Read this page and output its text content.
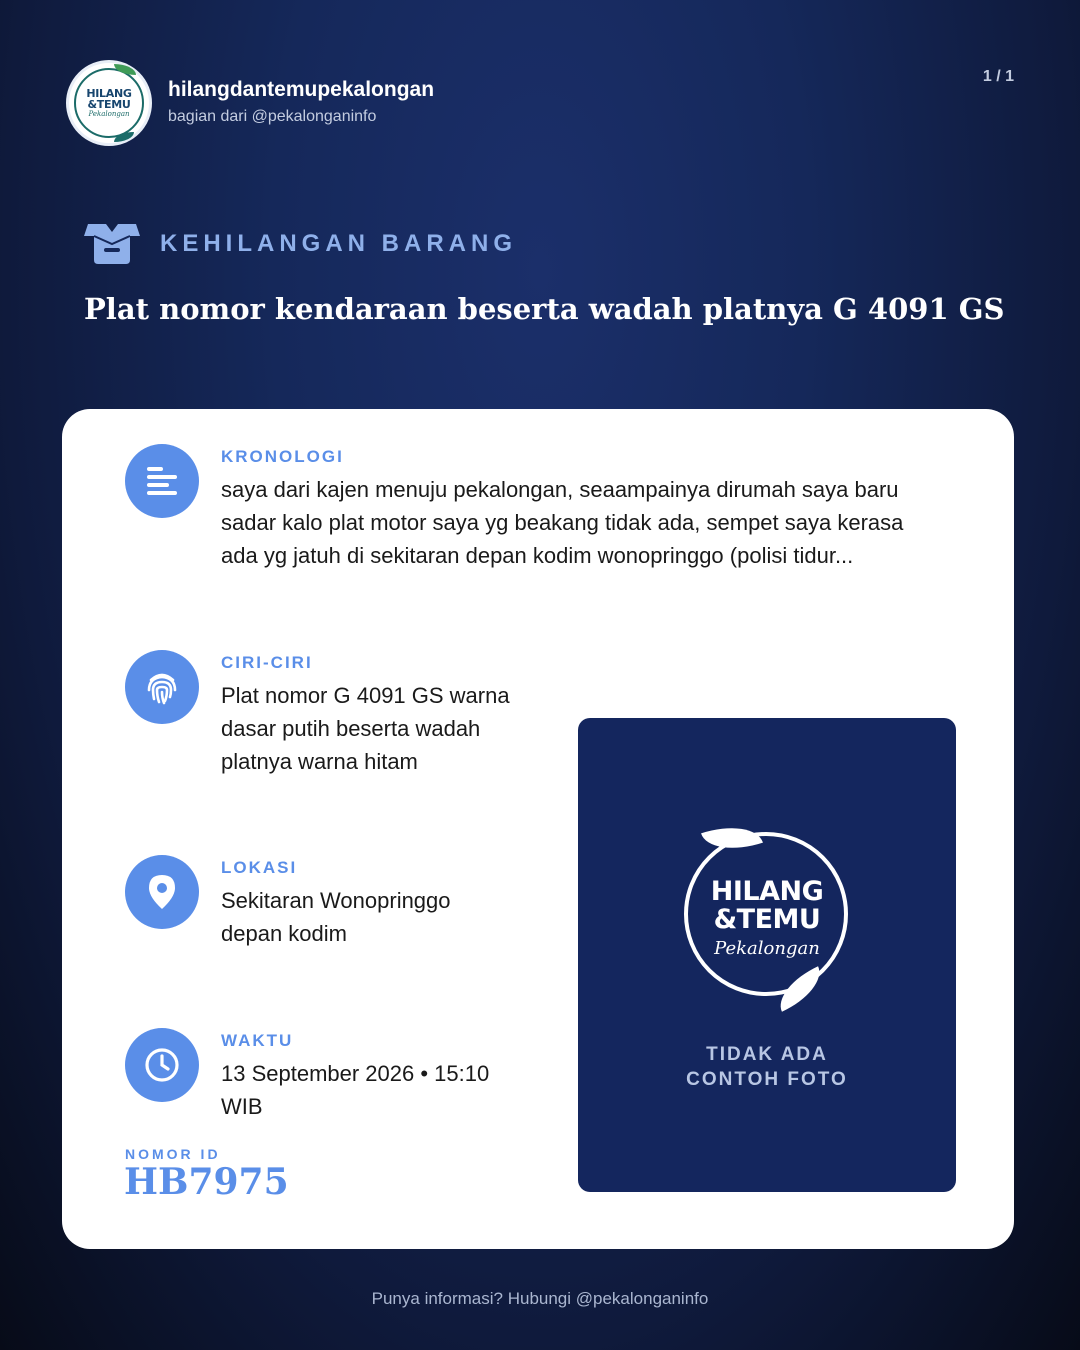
HILANG
&TEMU
Pekalongan
hilangdantemupekalongan
bagian dari @pekalonganinfo
1 / 1
KEHILANGAN BARANG
Plat nomor kendaraan beserta wadah platnya G 4091 GS
KRONOLOGI
saya dari kajen menuju pekalongan, seaampainya dirumah saya baru
sadar kalo plat motor saya yg beakang tidak ada, sempet saya kerasa
ada yg jatuh di sekitaran depan kodim wonopringgo (polisi tidur...
CIRI-CIRI
Plat nomor G 4091 GS warna
dasar putih beserta wadah
platnya warna hitam
LOKASI
Sekitaran Wonopringgo
depan kodim
WAKTU
13 September 2026 • 15:10
WIB
NOMOR ID
HB7975
HILANG
&TEMU
Pekalongan
TIDAK ADA
CONTOH FOTO
Punya informasi? Hubungi @pekalonganinfo
